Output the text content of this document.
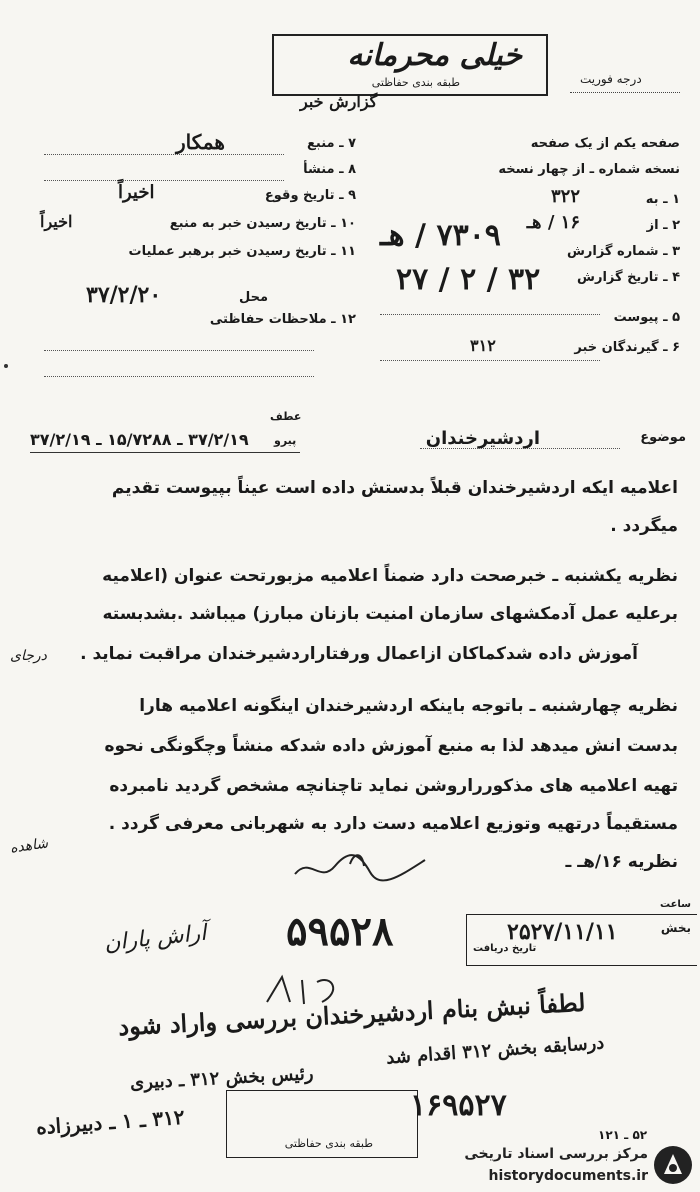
خیلی محرمانه
طبقه بندی حفاظتی
گزارش خبر
درجه فوریت
صفحه یکم از یک صفحه
نسخه شماره ـ از چهار نسخه
۱ ـ به
۳۲۲
۲ ـ از
۱۶ / هـ
۳ ـ شماره گزارش
۷۳۰۹ / هـ
۴ ـ تاریخ گزارش
۲۷ / ۲ / ۳۲
۵ ـ پیوست
۶ ـ گیرندگان خبر
۳۱۲
۷ ـ منبع
همکار
۸ ـ منشأ
۹ ـ تاریخ وقوع
اخیراً
۱۰ ـ تاریخ رسیدن خبر به منبع
اخیراً
۱۱ ـ تاریخ رسیدن خبر برهبر عملیات
محل
۳۷/۲/۲۰
۱۲ ـ ملاحظات حفاظتی
موضوع
اردشیرخندان
عطف
پیرو
۳۷/۲/۱۹ ـ ۱۵/۷۲۸۸ ـ ۳۷/۲/۱۹
اعلامیه ایکه اردشیرخندان قبلاً بدستش داده است عیناً بپیوست تقدیم
میگردد .
نظریه یکشنبه ـ خبرصحت دارد ضمناً اعلامیه مزبورتحت عنوان (اعلامیه
برعلیه عمل آدمکشهای سازمان امنیت بازنان مبارز) میباشد .بشدبسته
آموزش داده شدکماکان ازاعمال ورفتاراردشیرخندان مراقبت نماید .
درجای
نظریه چهارشنبه ـ باتوجه باینکه اردشیرخندان اینگونه اعلامیه هارا
بدست انش میدهد لذا به منبع آموزش داده شدکه منشاً وچگونگی نحوه
تهیه اعلامیه های مذکورراروشن نماید تاچنانچه مشخص گردید نامبرده
مستقیماً درتهیه وتوزیع اعلامیه دست دارد به شهربانی معرفی گردد .
نظریه ۱۶/هـ ـ
شاهده
۵۹۵۲۸
آراش پاران
ساعت
بخش
تاریخ دریافت
۲۵۲۷/۱۱/۱۱
لطفاً نبش بنام اردشیرخندان بررسی واراد شود
درسابقه بخش ۳۱۲ اقدام شد
رئیس بخش ۳۱۲ ـ دبیری
طبقه بندی حفاظتی
۱۶۹۵۲۷
۳۱۲ ـ ۱ ـ دبیرزاده
۵۲ ـ ۱۲۱
مرکز بررسی اسناد تاریخی
historydocuments.ir
